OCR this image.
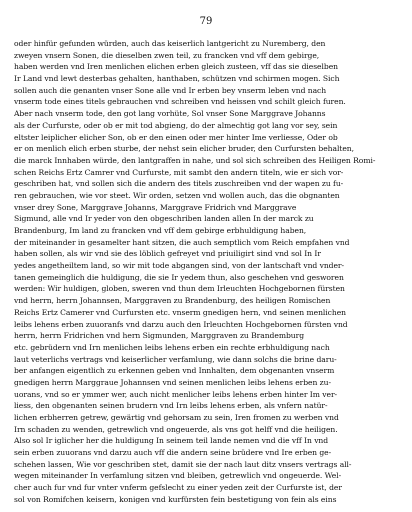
79
oder hinfür gefunden würden, auch das keiserlich lantgericht zu Nuremberg, den
zweyen vnsern Sonen, die dieselben zwen teil, zu francken vnd vff dem gebirge,
haben werden vnd Iren menlichen elichen erben gleich zusteen, vff das sie dieselben
Ir Land vnd lewt desterbas gehalten, hanthaben, schützen vnd schirmen mogen. Sich
sollen auch die genanten vnser Sone alle vnd Ir erben bey vnserm leben vnd nach
vnserm tode eines titels gebrauchen vnd schreiben vnd heissen vnd schilt gleich furen.
Aber nach vnserm tode, den got lang vorhüte, Sol vnser Sone Marggrave Johanns
als der Curfurste, oder ob er mit tod abgieng, do der almechtig got lang vor sey, sein
eltster leiplicher elicher Son, ob er den einen oder mer hinter Ime verliesse, Oder ob
er on menlich elich erben sturbe, der nehst sein elicher bruder, den Curfursten behalten,
die marck Innhaben würde, den lantgraffen in nahe, und sol sich schreiben des Heiligen Romi-
schen Reichs Ertz Camrer vnd Curfurste, mit sambt den andern titeln, wie er sich vor-
geschriben hat, vnd sollen sich die andern des titels zuschreiben vnd der wapen zu fu-
ren gebrauchen, wie vor steet. Wir orden, setzen vnd wollen auch, das die obgnanten
vnser drey Sone, Marggrave Johanns, Marggrave Fridrich vnd Marggrave
Sigmund, alle vnd Ir yeder von den obgeschriben landen allen In der marck zu
Brandenburg, Im land zu francken vnd vff dem gebirge erbhuldigung haben,
der miteinander in gesamelter hant sitzen, die auch semptlich vom Reich empfahen vnd
haben sollen, als wir vnd sie des löblich gefreyet vnd priuiligirt sind vnd sol In Ir
yedes angetheiltem land, so wir mit tode abgangen sind, von der lantschaft vnd vnder-
tanen gemeinglich die huldigung, die sie Ir yedem thun, also geschehen vnd gesworen
werden: Wir huldigen, globen, sweren vnd thun dem Irleuchten Hochgebornen fürsten
vnd herrn, herrn Johannsen, Marggraven zu Brandenburg, des heiligen Romischen
Reichs Ertz Camerer vnd Curfursten etc. vnserm gnedigen hern, vnd seinen menlichen
leibs lehens erben zuuoranfs vnd darzu auch den Irleuchten Hochgebornen fürsten vnd
herrn, herrn Fridrichen vnd hern Sigmunden, Marggraven zu Brandemburg
etc. gebrüdern vnd Irn menlichen leibs lehens erben ein rechte erbhuldigung nach
laut veterlichs vertrags vnd keiserlicher verfamlung, wie dann solchs die brine daru-
ber anfangen eigentlich zu erkennen geben vnd Innhalten, dem obgenanten vnserm
gnedigen herrn Marggraue Johannsen vnd seinen menlichen leibs lehens erben zu-
uorans, vnd so er ymmer wer, auch nicht menlicher leibs lehens erben hinter Im ver-
liess, den obgenanten seinen brudern vnd Irn leibs lehens erben, als vnfern natür-
lichen erbherren getrew, gewärtig vnd gehorsam zu sein, Iren fromen zu werben vnd
Irn schaden zu wenden, getrewlich vnd ongeuerde, als vns got helff vnd die heiligen.
Also sol Ir iglicher her die huldigung In seinem teil lande nemen vnd die vff In vnd
sein erben zuuorans vnd darzu auch vff die andern seine brüdere vnd Ire erben ge-
schehen lassen, Wie vor geschriben stet, damit sie der nach laut ditz vnsers vertrags all-
wegen miteinander In verfamlung sitzen vnd bleiben, getrewlich vnd ongeuerde. Wel-
cher auch fur vnd fur vnter vnferm gefslecht zu einer yeden zeit der Curfurste ist, der
sol von Romifchen keisern, konigen vnd kurfürsten fein bestetigung von fein als eins
